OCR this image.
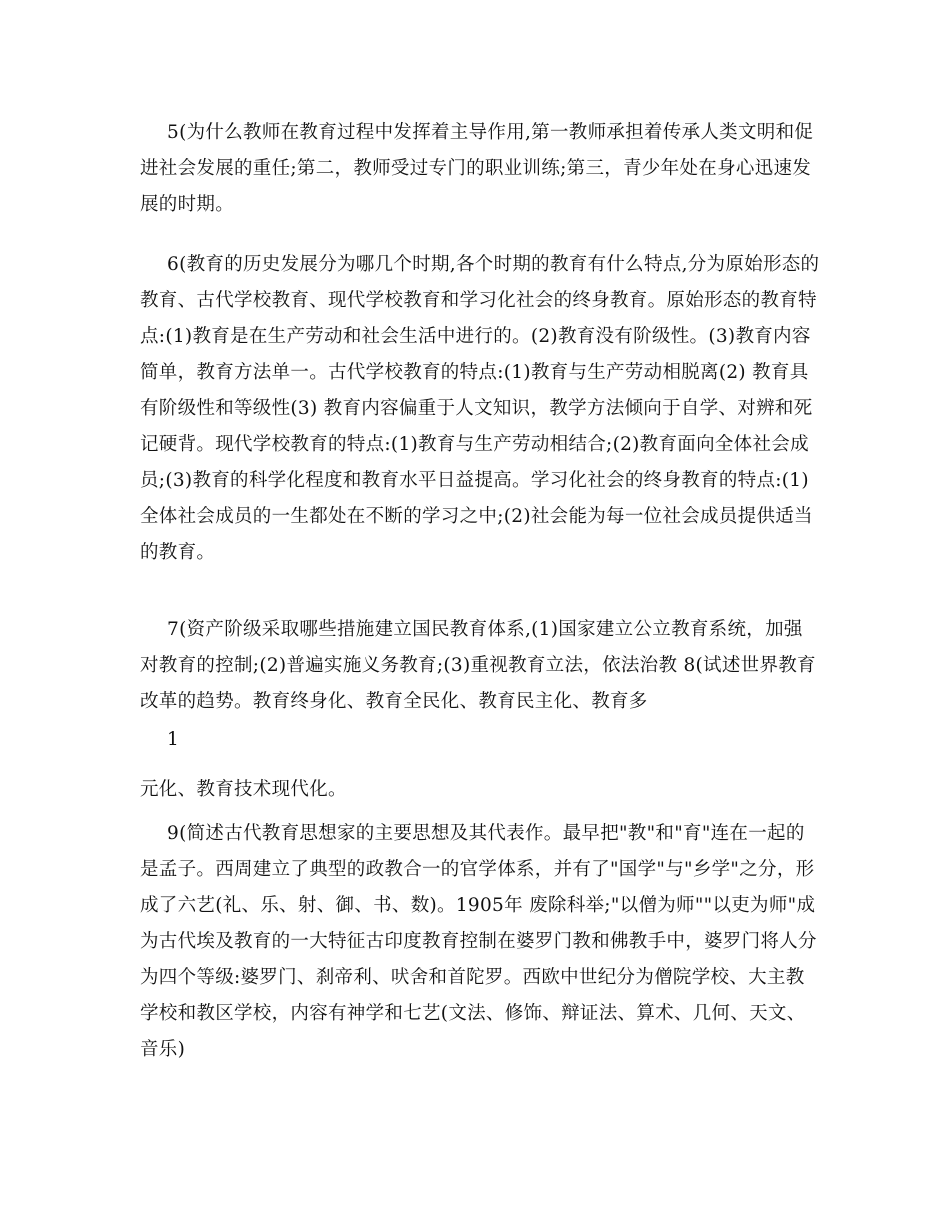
5(为什么教师在教育过程中发挥着主导作用,第一教师承担着传承人类文明和促进社会发展的重任;第二，教师受过专门的职业训练;第三，青少年处在身心迅速发展的时期。

6(教育的历史发展分为哪几个时期,各个时期的教育有什么特点,分为原始形态的教育、古代学校教育、现代学校教育和学习化社会的终身教育。原始形态的教育特点:(1)教育是在生产劳动和社会生活中进行的。(2)教育没有阶级性。(3)教育内容简单，教育方法单一。古代学校教育的特点:(1)教育与生产劳动相脱离(2) 教育具有阶级性和等级性(3) 教育内容偏重于人文知识，教学方法倾向于自学、对辨和死记硬背。现代学校教育的特点:(1)教育与生产劳动相结合;(2)教育面向全体社会成员;(3)教育的科学化程度和教育水平日益提高。学习化社会的终身教育的特点:(1)全体社会成员的一生都处在不断的学习之中;(2)社会能为每一位社会成员提供适当的教育。

7(资产阶级采取哪些措施建立国民教育体系,(1)国家建立公立教育系统，加强对教育的控制;(2)普遍实施义务教育;(3)重视教育立法，依法治教 8(试述世界教育改革的趋势。教育终身化、教育全民化、教育民主化、教育多

1

元化、教育技术现代化。

9(简述古代教育思想家的主要思想及其代表作。最早把"教"和"育"连在一起的是孟子。西周建立了典型的政教合一的官学体系，并有了"国学"与"乡学"之分，形成了六艺(礼、乐、射、御、书、数)。1905年 废除科举;"以僧为师""以吏为师"成为古代埃及教育的一大特征古印度教育控制在婆罗门教和佛教手中，婆罗门将人分为四个等级:婆罗门、刹帝利、吠舍和首陀罗。西欧中世纪分为僧院学校、大主教学校和教区学校，内容有神学和七艺(文法、修饰、辩证法、算术、几何、天文、音乐)
